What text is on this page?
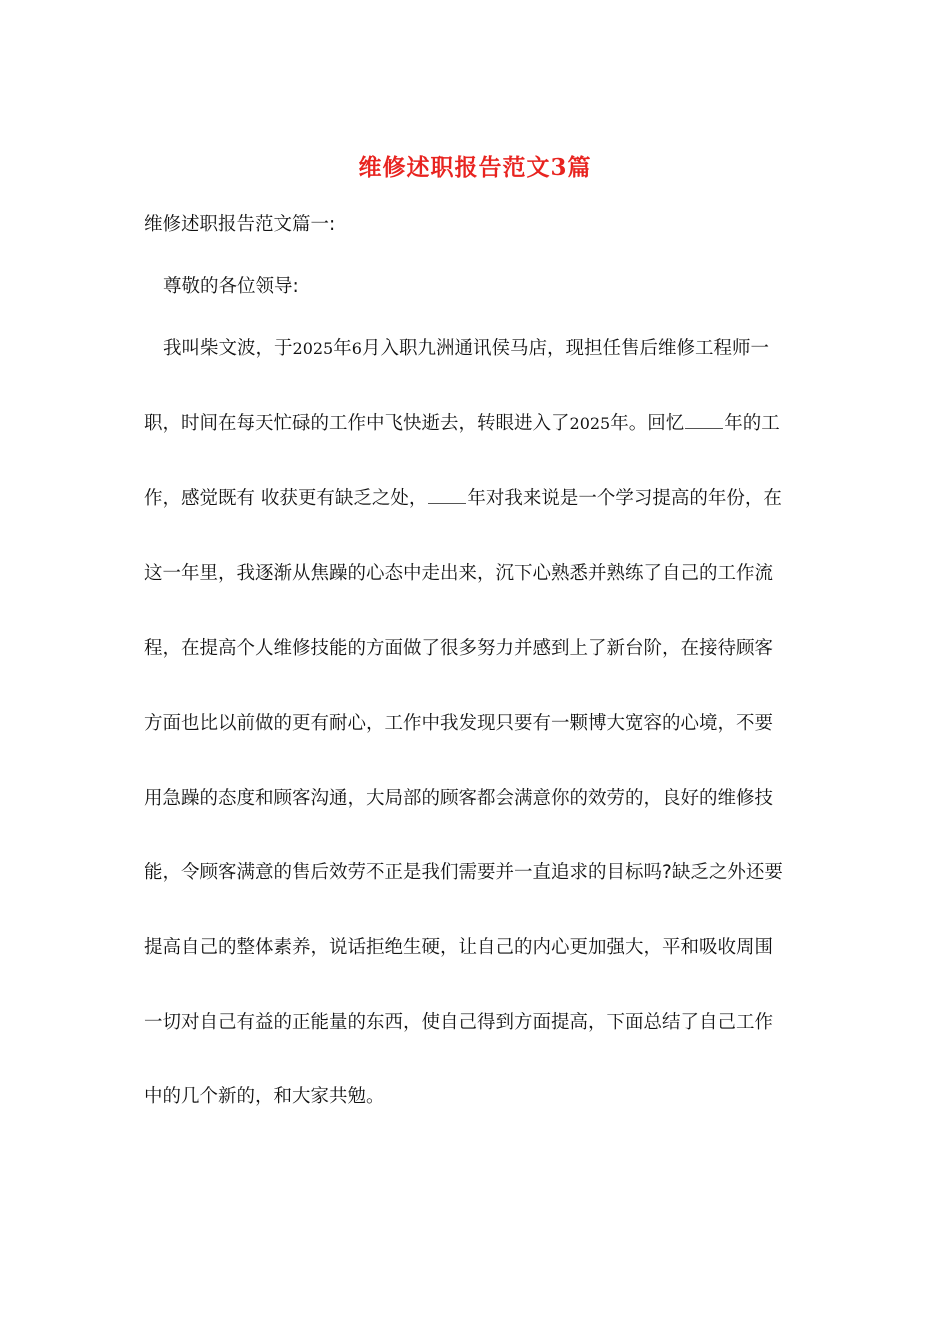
维修述职报告范文3篇
维修述职报告范文篇一:
尊敬的各位领导:
我叫柴文波，于2025年6月入职九洲通讯侯马店，现担任售后维修工程师一
职，时间在每天忙碌的工作中飞快逝去，转眼进入了2025年。回忆 年的工
作，感觉既有 收获更有缺乏之处， 年对我来说是一个学习提高的年份，在
这一年里，我逐渐从焦躁的心态中走出来，沉下心熟悉并熟练了自己的工作流
程，在提高个人维修技能的方面做了很多努力并感到上了新台阶，在接待顾客
方面也比以前做的更有耐心，工作中我发现只要有一颗博大宽容的心境，不要
用急躁的态度和顾客沟通，大局部的顾客都会满意你的效劳的，良好的维修技
能，令顾客满意的售后效劳不正是我们需要并一直追求的目标吗?缺乏之外还要
提高自己的整体素养，说话拒绝生硬，让自己的内心更加强大，平和吸收周围
一切对自己有益的正能量的东西，使自己得到方面提高，下面总结了自己工作
中的几个新的，和大家共勉。
